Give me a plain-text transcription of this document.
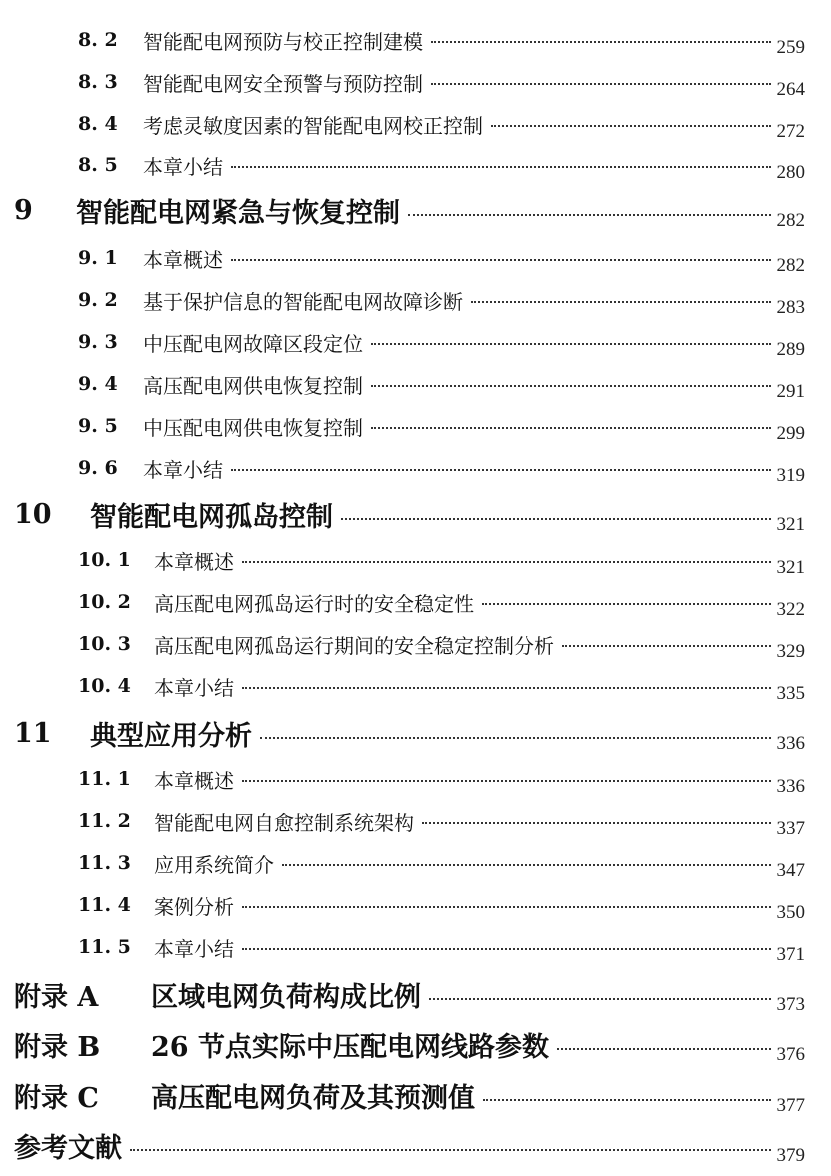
8. 2 智能配电网预防与校正控制建模	259
8. 3 智能配电网安全预警与预防控制	264
8. 4 考虑灵敏度因素的智能配电网校正控制	272
8. 5 本章小结	280
9 智能配电网紧急与恢复控制	282
9. 1 本章概述	282
9. 2 基于保护信息的智能配电网故障诊断	283
9. 3 中压配电网故障区段定位	289
9. 4 高压配电网供电恢复控制	291
9. 5 中压配电网供电恢复控制	299
9. 6 本章小结	319
10 智能配电网孤岛控制	321
10. 1 本章概述	321
10. 2 高压配电网孤岛运行时的安全稳定性	322
10. 3 高压配电网孤岛运行期间的安全稳定控制分析	329
10. 4 本章小结	335
11 典型应用分析	336
11. 1 本章概述	336
11. 2 智能配电网自愈控制系统架构	337
11. 3 应用系统简介	347
11. 4 案例分析	350
11. 5 本章小结	371
附录 A 区域电网负荷构成比例	373
附录 B 26 节点实际中压配电网线路参数	376
附录 C 高压配电网负荷及其预测值	377
参考文献	379
